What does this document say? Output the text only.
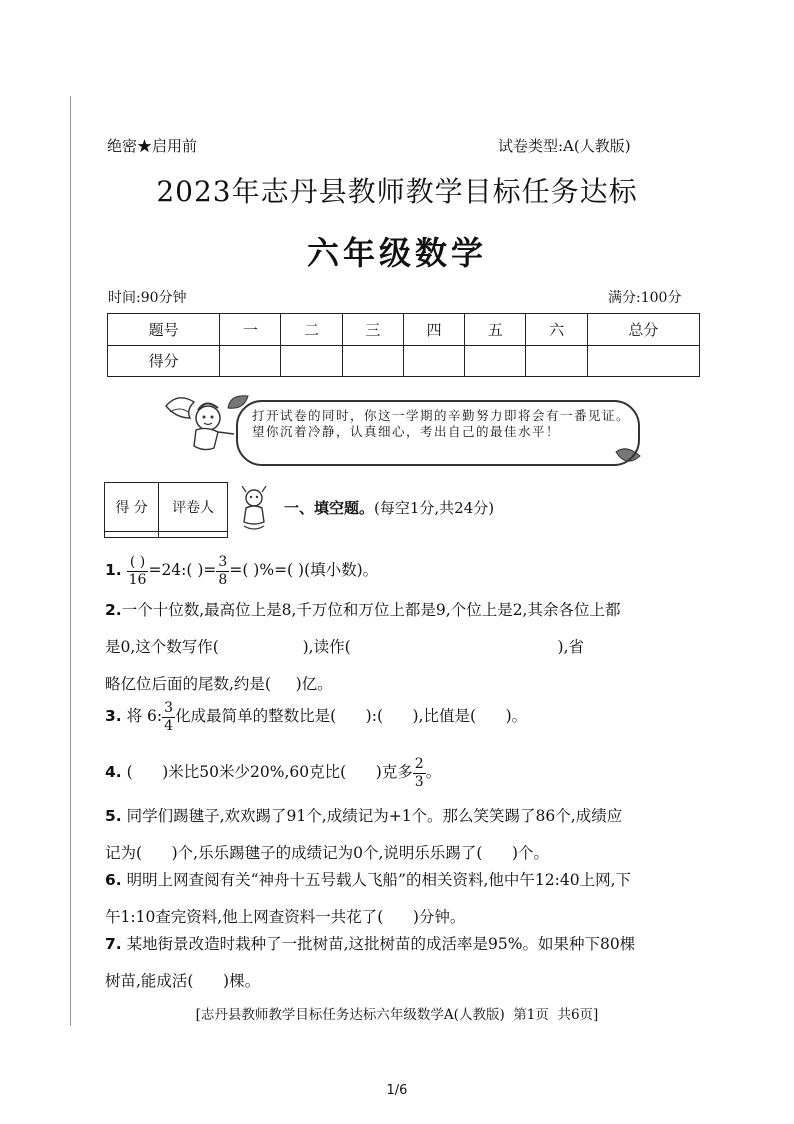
绝密★启用前	试卷类型:A(人教版)
2023年志丹县教师教学目标任务达标
六年级数学
时间:90分钟	满分:100分
题号	一	二	三	四	五	六	总分
得分							
打开试卷的同时，你这一学期的辛勤努力即将会有一番见证。望你沉着冷静，认真细心，考出自己的最佳水平！
得 分	评卷人
		一、填空题。(每空1分,共24分)
1. $\frac{( )}{16}$ =24:( )= $\frac{3}{8}$ =( )%=( )(填小数)。
2.一个十位数,最高位上是8,千万位和万位上都是9,个位上是2,其余各位上都
是0,这个数写作(                 ),读作(                                          ),省
略亿位后面的尾数,约是(     )亿。
3. 将 6: $\frac{3}{4}$ 化成最简单的整数比是(      ):(      ),比值是(      )。
4. (      )米比50米少20%,60克比(      )克多 $\frac{2}{3}$ 。
5. 同学们踢毽子,欢欢踢了91个,成绩记为+1个。那么笑笑踢了86个,成绩应
记为(      )个,乐乐踢毽子的成绩记为0个,说明乐乐踢了(      )个。
6. 明明上网查阅有关“神舟十五号载人飞船”的相关资料,他中午12:40上网,下
午1:10查完资料,他上网查资料一共花了(      )分钟。
7. 某地街景改造时栽种了一批树苗,这批树苗的成活率是95%。如果种下80棵
树苗,能成活(      )棵。
[志丹县教师教学目标任务达标六年级数学A(人教版)  第1页  共6页]
1/6
